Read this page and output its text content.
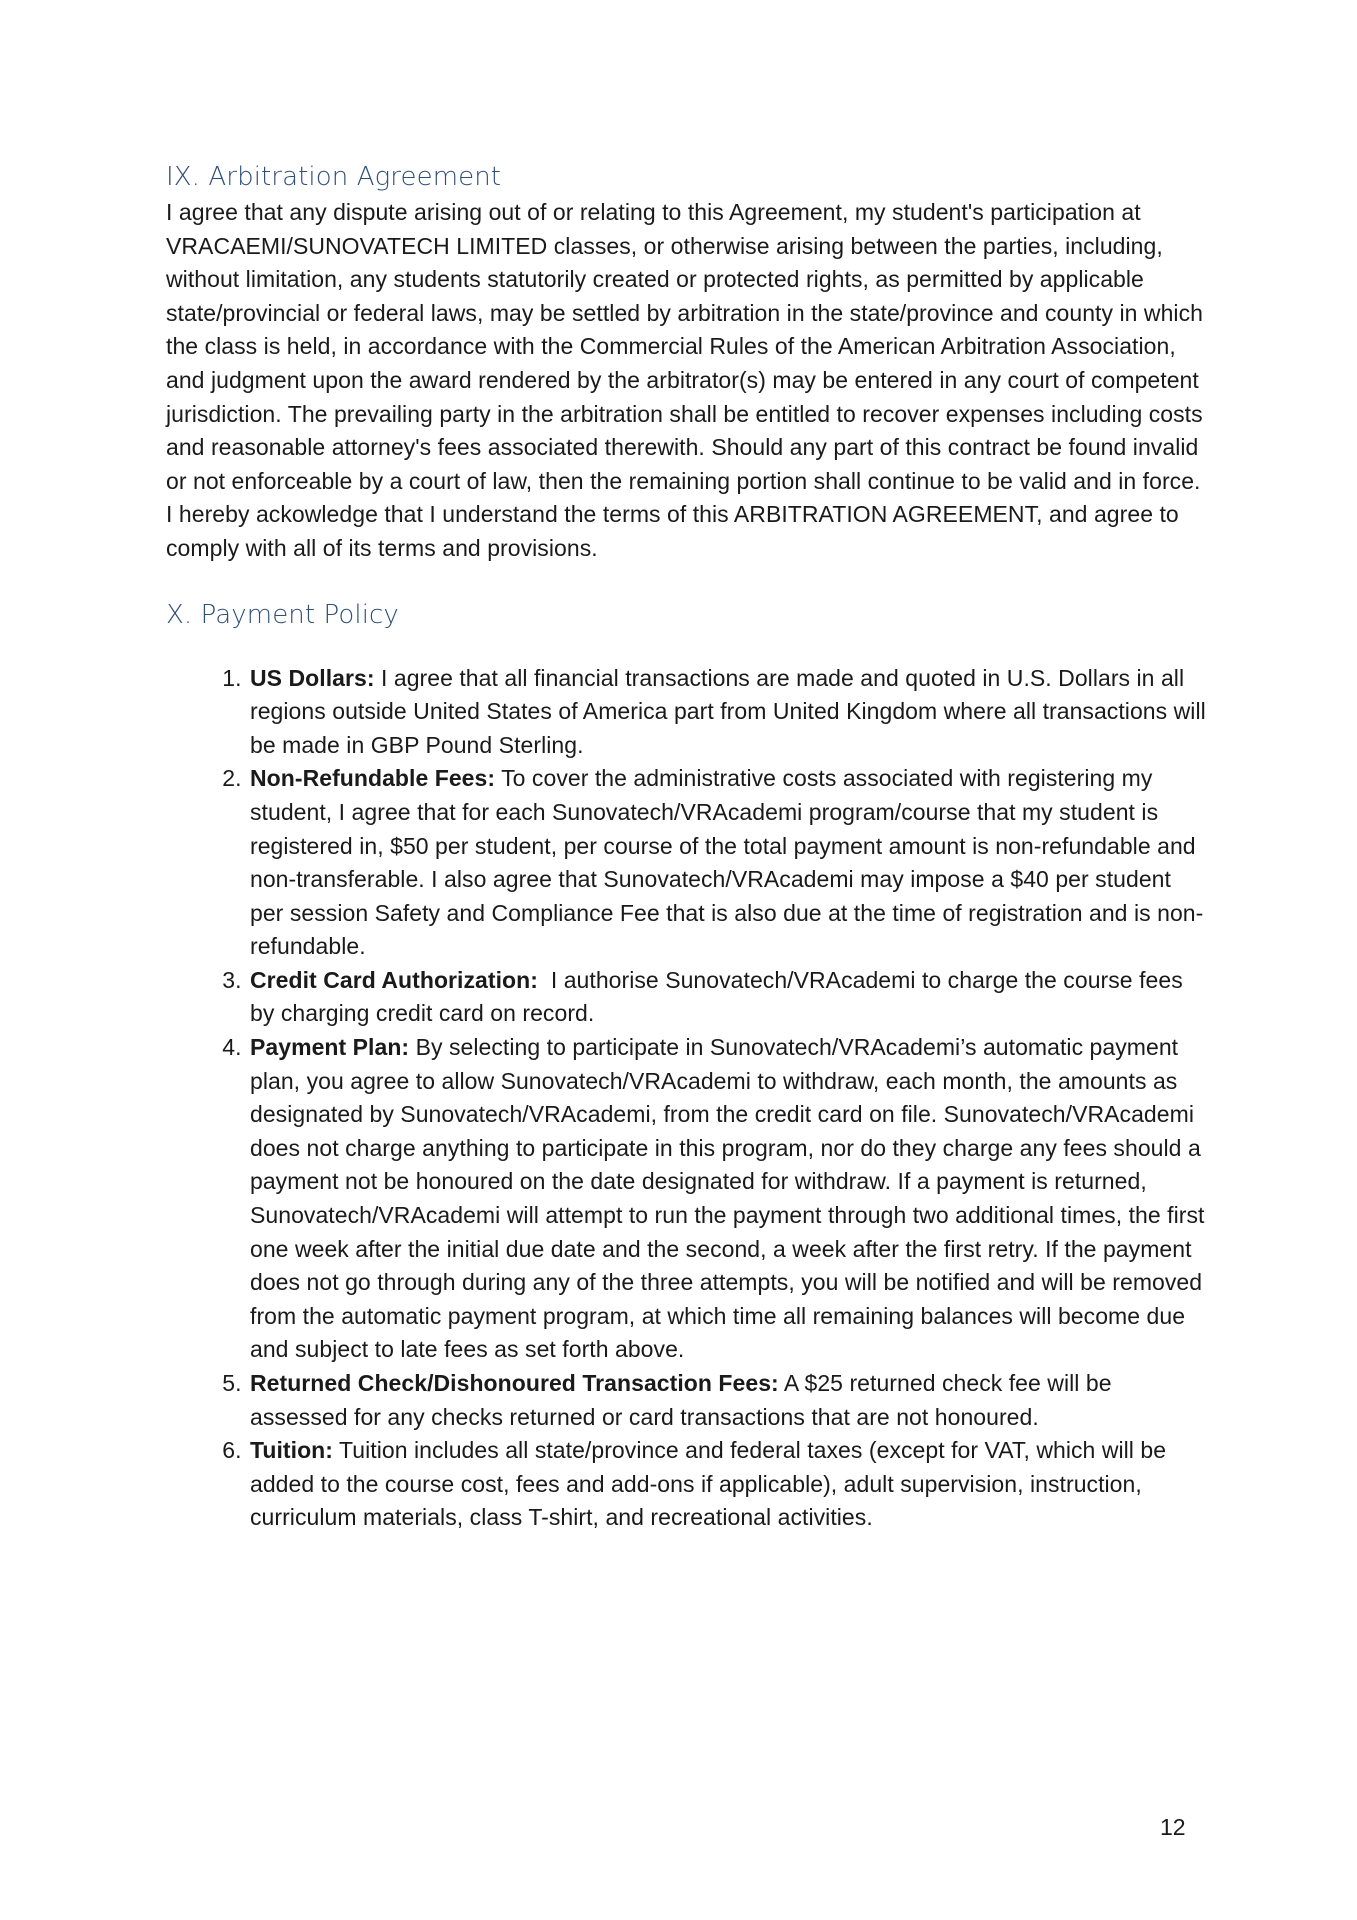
IX. Arbitration Agreement

I agree that any dispute arising out of or relating to this Agreement, my student's participation at VRACAEMI/SUNOVATECH LIMITED classes, or otherwise arising between the parties, including, without limitation, any students statutorily created or protected rights, as permitted by applicable state/provincial or federal laws, may be settled by arbitration in the state/province and county in which the class is held, in accordance with the Commercial Rules of the American Arbitration Association, and judgment upon the award rendered by the arbitrator(s) may be entered in any court of competent jurisdiction. The prevailing party in the arbitration shall be entitled to recover expenses including costs and reasonable attorney's fees associated therewith. Should any part of this contract be found invalid or not enforceable by a court of law, then the remaining portion shall continue to be valid and in force. I hereby ackowledge that I understand the terms of this ARBITRATION AGREEMENT, and agree to comply with all of its terms and provisions.

X. Payment Policy
1. US Dollars: I agree that all financial transactions are made and quoted in U.S. Dollars in all regions outside United States of America part from United Kingdom where all transactions will be made in GBP Pound Sterling.
2. Non-Refundable Fees: To cover the administrative costs associated with registering my student, I agree that for each Sunovatech/VRAcademi program/course that my student is registered in, $50 per student, per course of the total payment amount is non-refundable and non-transferable. I also agree that Sunovatech/VRAcademi may impose a $40 per student per session Safety and Compliance Fee that is also due at the time of registration and is non-refundable.
3. Credit Card Authorization:  I authorise Sunovatech/VRAcademi to charge the course fees by charging credit card on record.
4. Payment Plan: By selecting to participate in Sunovatech/VRAcademi’s automatic payment plan, you agree to allow Sunovatech/VRAcademi to withdraw, each month, the amounts as designated by Sunovatech/VRAcademi, from the credit card on file. Sunovatech/VRAcademi does not charge anything to participate in this program, nor do they charge any fees should a payment not be honoured on the date designated for withdraw. If a payment is returned, Sunovatech/VRAcademi will attempt to run the payment through two additional times, the first one week after the initial due date and the second, a week after the first retry. If the payment does not go through during any of the three attempts, you will be notified and will be removed from the automatic payment program, at which time all remaining balances will become due and subject to late fees as set forth above.
5. Returned Check/Dishonoured Transaction Fees: A $25 returned check fee will be assessed for any checks returned or card transactions that are not honoured.
6. Tuition: Tuition includes all state/province and federal taxes (except for VAT, which will be added to the course cost, fees and add-ons if applicable), adult supervision, instruction, curriculum materials, class T-shirt, and recreational activities.
12
